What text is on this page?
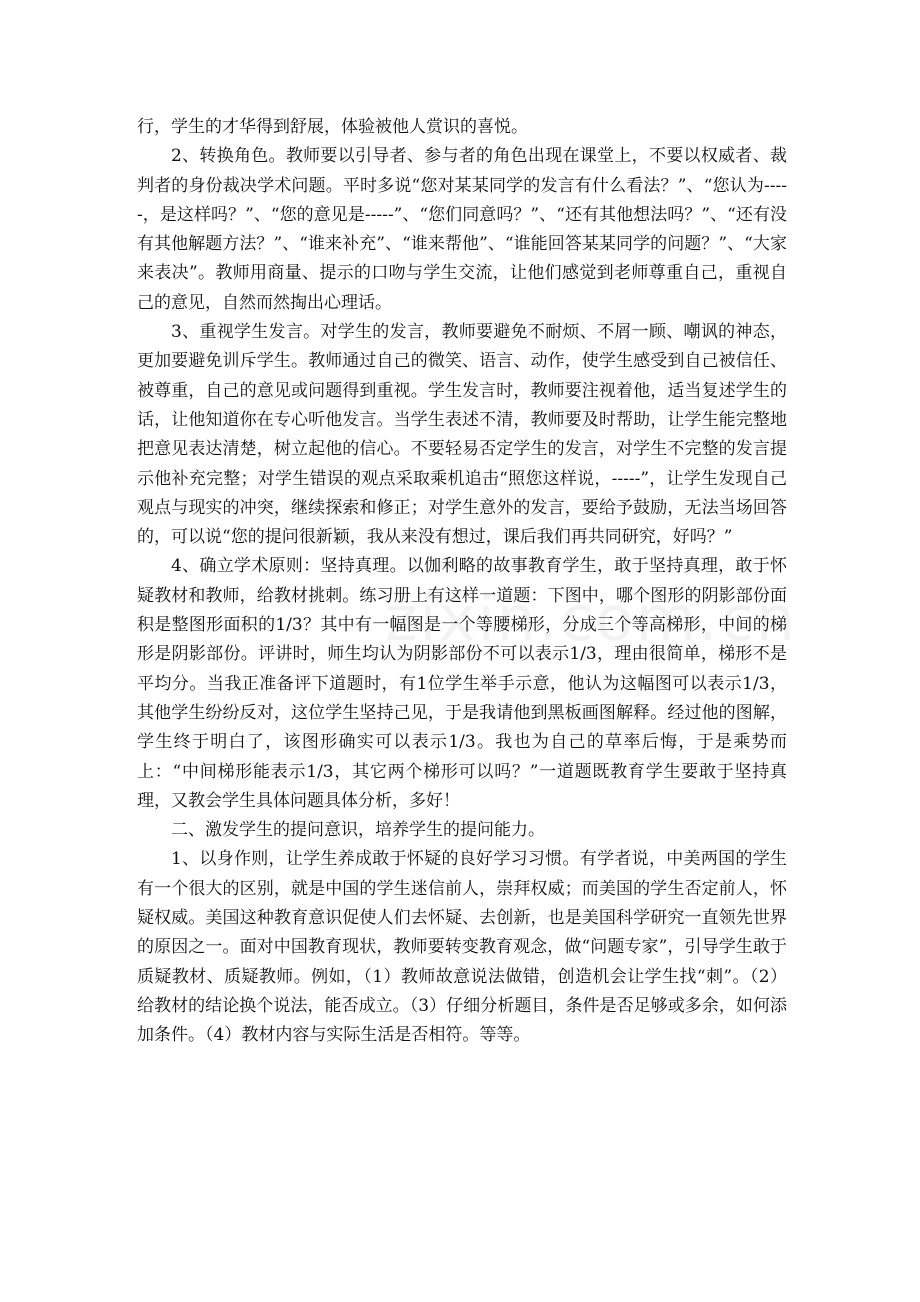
行，学生的才华得到舒展，体验被他人赏识的喜悦。

2、转换角色。教师要以引导者、参与者的角色出现在课堂上，不要以权威者、裁判者的身份裁决学术问题。平时多说“您对某某同学的发言有什么看法？”、“您认为-----，是这样吗？”、“您的意见是-----”、“您们同意吗？”、“还有其他想法吗？”、“还有没有其他解题方法？”、“谁来补充”、“谁来帮他”、“谁能回答某某同学的问题？”、“大家来表决”。教师用商量、提示的口吻与学生交流，让他们感觉到老师尊重自己，重视自己的意见，自然而然掏出心理话。

3、重视学生发言。对学生的发言，教师要避免不耐烦、不屑一顾、嘲讽的神态，更加要避免训斥学生。教师通过自己的微笑、语言、动作，使学生感受到自己被信任、被尊重，自己的意见或问题得到重视。学生发言时，教师要注视着他，适当复述学生的话，让他知道你在专心听他发言。当学生表述不清，教师要及时帮助，让学生能完整地把意见表达清楚，树立起他的信心。不要轻易否定学生的发言，对学生不完整的发言提示他补充完整；对学生错误的观点采取乘机追击“照您这样说，-----”，让学生发现自己观点与现实的冲突，继续探索和修正；对学生意外的发言，要给予鼓励，无法当场回答的，可以说“您的提问很新颖，我从来没有想过，课后我们再共同研究，好吗？”

4、确立学术原则：坚持真理。以伽利略的故事教育学生，敢于坚持真理，敢于怀疑教材和教师，给教材挑刺。练习册上有这样一道题：下图中，哪个图形的阴影部份面积是整图形面积的1/3？其中有一幅图是一个等腰梯形，分成三个等高梯形，中间的梯形是阴影部份。评讲时，师生均认为阴影部份不可以表示1/3，理由很简单，梯形不是平均分。当我正准备评下道题时，有1位学生举手示意，他认为这幅图可以表示1/3，其他学生纷纷反对，这位学生坚持己见，于是我请他到黑板画图解释。经过他的图解，学生终于明白了，该图形确实可以表示1/3。我也为自己的草率后悔，于是乘势而上：“中间梯形能表示1/3，其它两个梯形可以吗？”一道题既教育学生要敢于坚持真理，又教会学生具体问题具体分析，多好！

二、激发学生的提问意识，培养学生的提问能力。

1、以身作则，让学生养成敢于怀疑的良好学习习惯。有学者说，中美两国的学生有一个很大的区别，就是中国的学生迷信前人，崇拜权威；而美国的学生否定前人，怀疑权威。美国这种教育意识促使人们去怀疑、去创新，也是美国科学研究一直领先世界的原因之一。面对中国教育现状，教师要转变教育观念，做“问题专家”，引导学生敢于质疑教材、质疑教师。例如，（1）教师故意说法做错，创造机会让学生找“刺”。（2）给教材的结论换个说法，能否成立。（3）仔细分析题目，条件是否足够或多余，如何添加条件。（4）教材内容与实际生活是否相符。等等。
